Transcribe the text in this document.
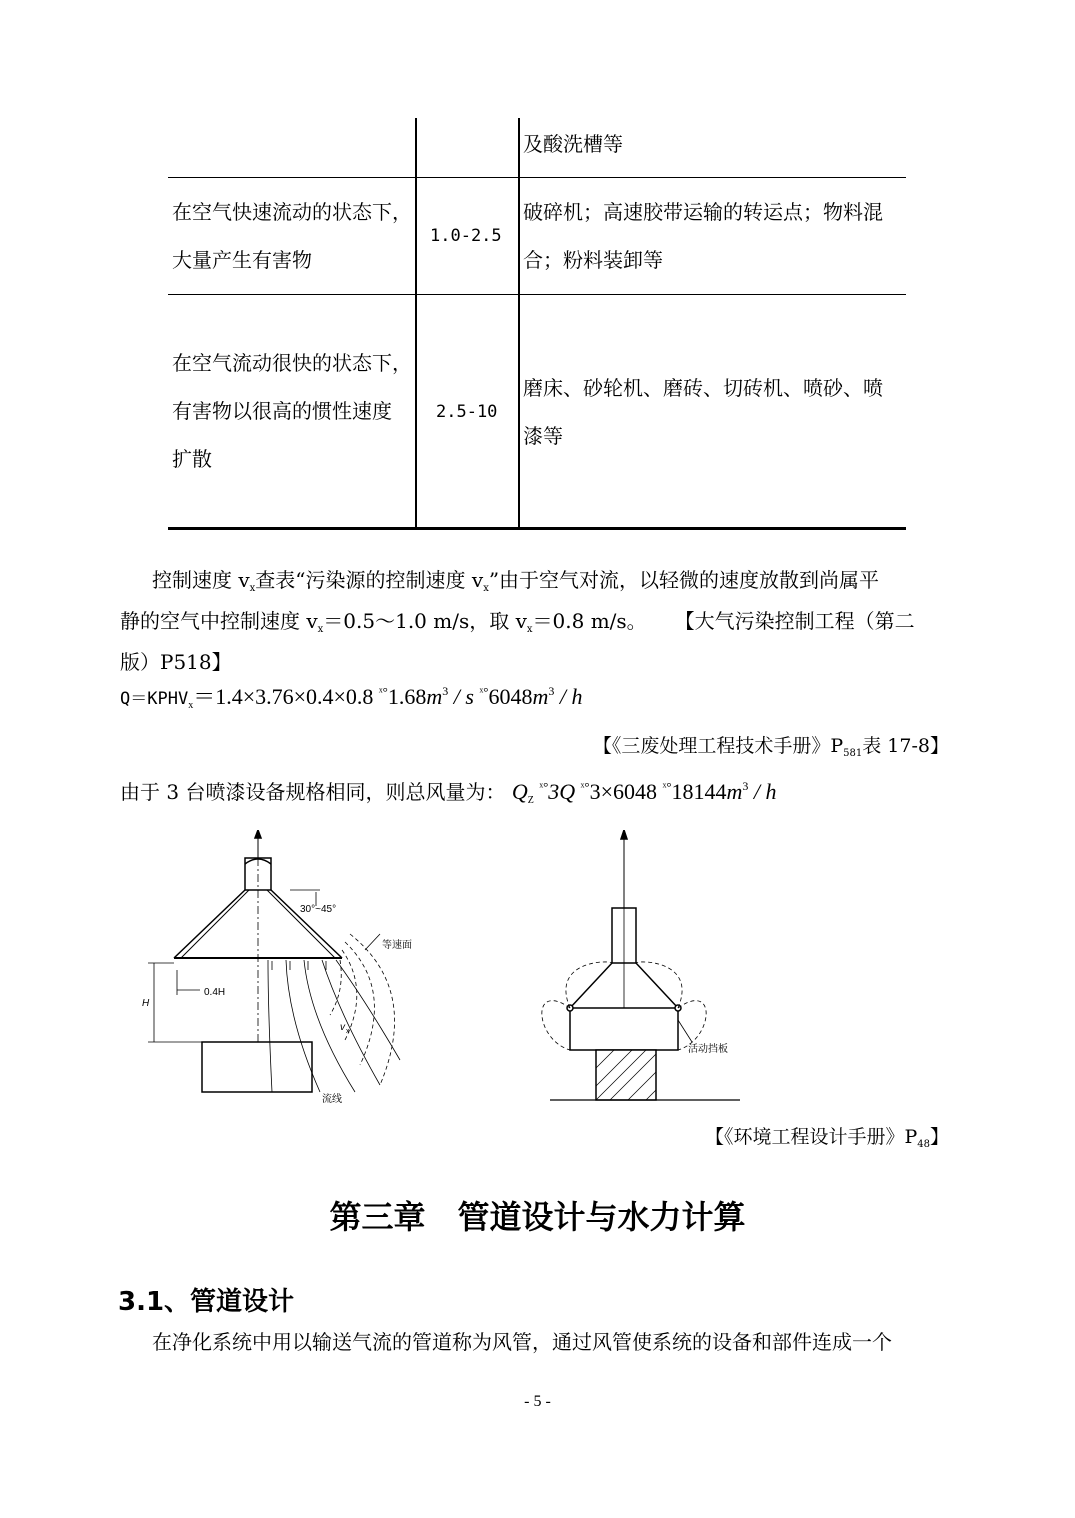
及酸洗槽等
在空气快速流动的状态下，
大量产生有害物
1.0-2.5
破碎机；高速胶带运输的转运点；物料混
合；粉料装卸等
在空气流动很快的状态下，
有害物以很高的惯性速度
扩散
2.5-10
磨床、砂轮机、磨砖、切砖机、喷砂、喷
漆等
控制速度 $v_x$查表“污染源的控制速度 $v_x$”由于空气对流，以轻微的速度放散到尚属平
静的空气中控制速度 $v_x=0.5\sim 1.0$ m/s，取 $v_x=0.8$ m/s。 【大气污染控制工程（第二
版）P518】
$Q=KPHV_x=1.4\times 3.76\times 0.4\times 0.8$ $^{ˣ^\circ}1.68m^3$ / s $^{ˣ^\circ}6048m^3$ / h
【《三废处理工程技术手册》$P_{581}$表 17-8】
由于 3 台喷漆设备规格相同，则总风量为： $Q_Z$ $^{ˣ^\circ}$3Q $^{ˣ^\circ}$3×6048 $^{ˣ^\circ}18144m^3$ / h
30°~45°
等速面
0.4H
H
v x
流线
活动挡板
【《环境工程设计手册》$P_{48}$】
第三章　管道设计与水力计算
3.1、管道设计
在净化系统中用以输送气流的管道称为风管，通过风管使系统的设备和部件连成一个
- 5 -
